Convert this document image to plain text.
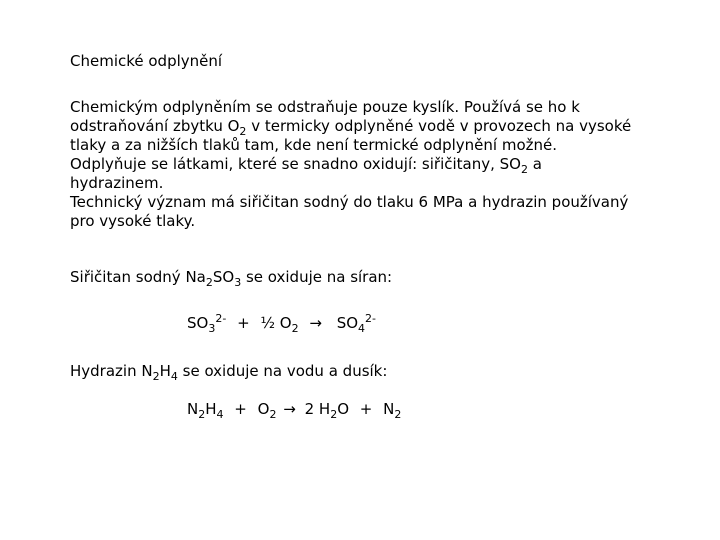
Chemické odplynění
Chemickým odplyněním se odstraňuje pouze kyslík. Používá se ho k
odstraňování zbytku $O_2$ v termicky odplyněné vodě v provozech na vysoké
tlaky a za nižších tlaků tam, kde není termické odplynění možné.
Odplyňuje se látkami, které se snadno oxidují: siřičitany, $SO_2$ a
hydrazinem.
Technický význam má siřičitan sodný do tlaku 6 MPa a hydrazin používaný
pro vysoké tlaky.
Siřičitan sodný $Na_2SO_3$ se oxiduje na síran:
$SO_3^{2-}$ + ½ $O_2 \to SO_4^{2-}$
Hydrazin $N_2H_4$ se oxiduje na vodu a dusík:
$N_2H_4 + O_2 \to 2$ $H_2O + N_2$
